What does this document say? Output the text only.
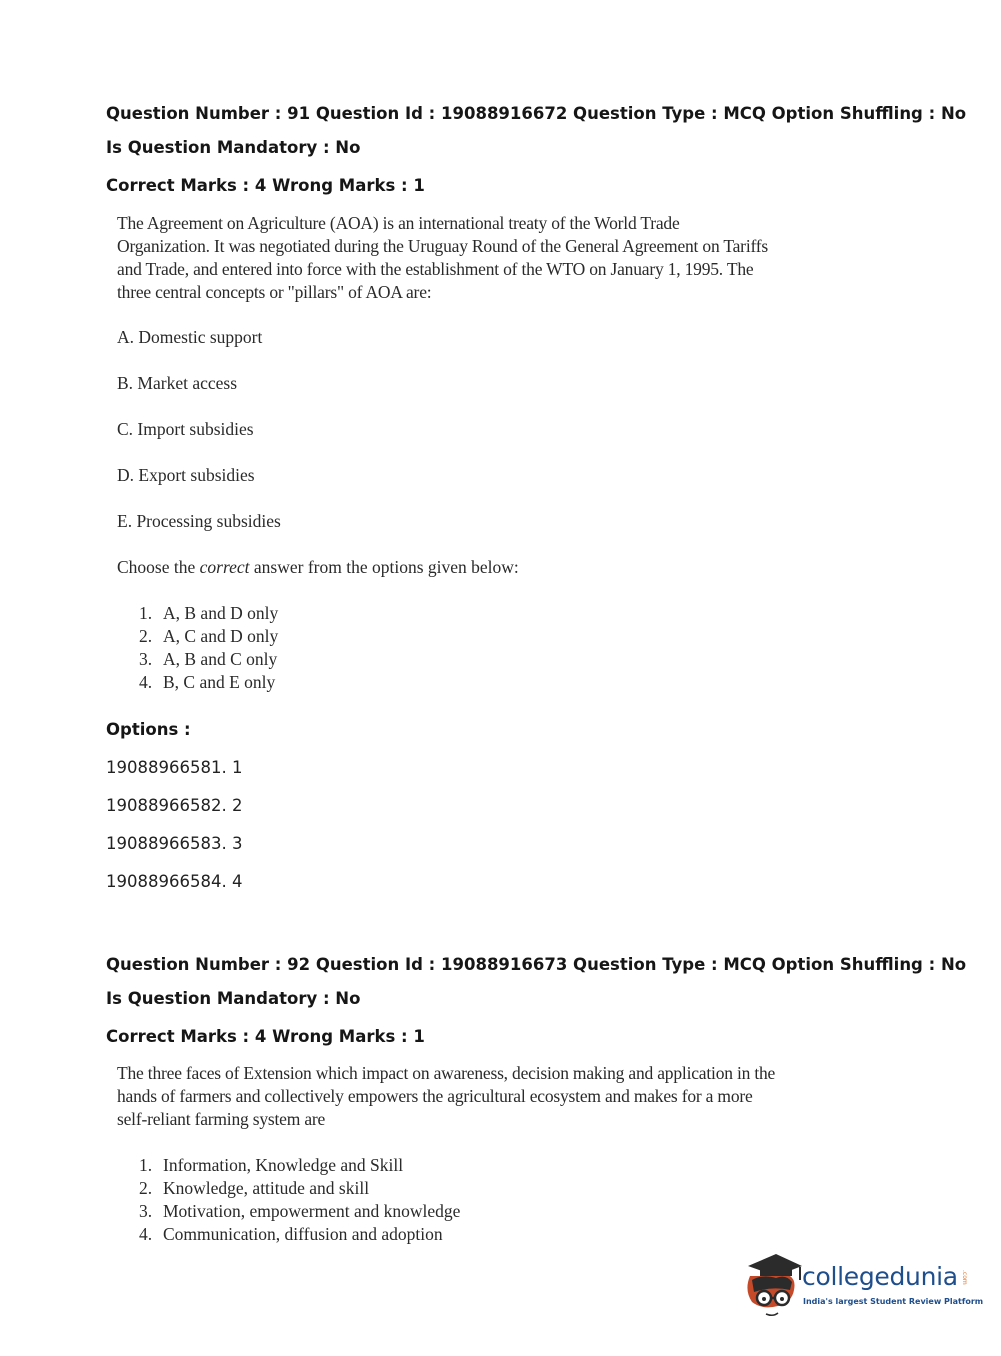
Question Number : 91 Question Id : 19088916672 Question Type : MCQ Option Shuffling : No

Is Question Mandatory : No

Correct Marks : 4 Wrong Marks : 1

The Agreement on Agriculture (AOA) is an international treaty of the World Trade
Organization. It was negotiated during the Uruguay Round of the General Agreement on Tariffs
and Trade, and entered into force with the establishment of the WTO on January 1, 1995. The
three central concepts or "pillars" of AOA are:

A. Domestic support

B. Market access

C. Import subsidies

D. Export subsidies

E. Processing subsidies

Choose the correct answer from the options given below:

1. A, B and D only
2. A, C and D only
3. A, B and C only
4. B, C and E only

Options :

19088966581. 1

19088966582. 2

19088966583. 3

19088966584. 4

Question Number : 92 Question Id : 19088916673 Question Type : MCQ Option Shuffling : No

Is Question Mandatory : No

Correct Marks : 4 Wrong Marks : 1

The three faces of Extension which impact on awareness, decision making and application in the
hands of farmers and collectively empowers the agricultural ecosystem and makes for a more
self-reliant farming system are
1. Information, Knowledge and Skill
2. Knowledge, attitude and skill
3. Motivation, empowerment and knowledge
4. Communication, diffusion and adoption
collegedunia .com
India's largest Student Review Platform
